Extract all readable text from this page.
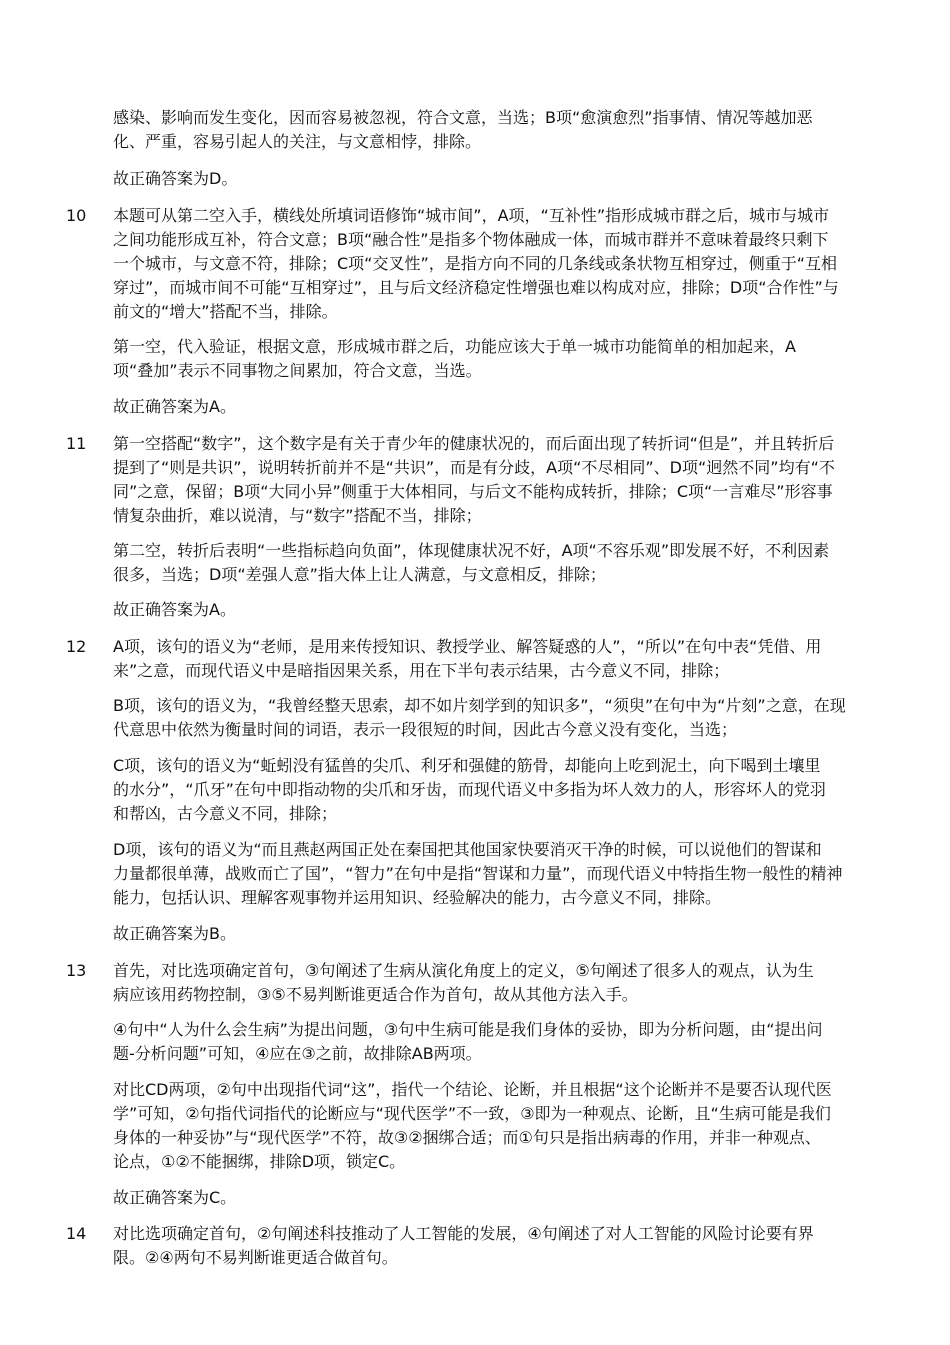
感染、影响而发生变化，因而容易被忽视，符合文意，当选；B项“愈演愈烈”指事情、情况等越加恶
化、严重，容易引起人的关注，与文意相悖，排除。

故正确答案为D。

10 本题可从第二空入手，横线处所填词语修饰“城市间”，A项，“互补性”指形成城市群之后，城市与城市
之间功能形成互补，符合文意；B项“融合性”是指多个物体融成一体，而城市群并不意味着最终只剩下
一个城市，与文意不符，排除；C项“交叉性”，是指方向不同的几条线或条状物互相穿过，侧重于“互相
穿过”，而城市间不可能“互相穿过”，且与后文经济稳定性增强也难以构成对应，排除；D项“合作性”与
前文的“增大”搭配不当，排除。

第一空，代入验证，根据文意，形成城市群之后，功能应该大于单一城市功能简单的相加起来，A
项“叠加”表示不同事物之间累加，符合文意，当选。

故正确答案为A。

11 第一空搭配“数字”，这个数字是有关于青少年的健康状况的，而后面出现了转折词“但是”，并且转折后
提到了“则是共识”，说明转折前并不是“共识”，而是有分歧，A项“不尽相同”、D项“迥然不同”均有“不
同”之意，保留；B项“大同小异”侧重于大体相同，与后文不能构成转折，排除；C项“一言难尽”形容事
情复杂曲折，难以说清，与“数字”搭配不当，排除；

第二空，转折后表明“一些指标趋向负面”，体现健康状况不好，A项“不容乐观”即发展不好，不利因素
很多，当选；D项“差强人意”指大体上让人满意，与文意相反，排除；

故正确答案为A。

12 A项，该句的语义为“老师，是用来传授知识、教授学业、解答疑惑的人”，“所以”在句中表“凭借、用
来”之意，而现代语义中是暗指因果关系，用在下半句表示结果，古今意义不同，排除；

B项，该句的语义为，“我曾经整天思索，却不如片刻学到的知识多”，“须臾”在句中为“片刻”之意，在现
代意思中依然为衡量时间的词语，表示一段很短的时间，因此古今意义没有变化，当选；

C项，该句的语义为“蚯蚓没有猛兽的尖爪、利牙和强健的筋骨，却能向上吃到泥土，向下喝到土壤里
的水分”，“爪牙”在句中即指动物的尖爪和牙齿，而现代语义中多指为坏人效力的人，形容坏人的党羽
和帮凶，古今意义不同，排除；

D项，该句的语义为“而且燕赵两国正处在秦国把其他国家快要消灭干净的时候，可以说他们的智谋和
力量都很单薄，战败而亡了国”，“智力”在句中是指“智谋和力量”，而现代语义中特指生物一般性的精神
能力，包括认识、理解客观事物并运用知识、经验解决的能力，古今意义不同，排除。

故正确答案为B。

13 首先，对比选项确定首句，③句阐述了生病从演化角度上的定义，⑤句阐述了很多人的观点，认为生
病应该用药物控制，③⑤不易判断谁更适合作为首句，故从其他方法入手。

④句中“人为什么会生病”为提出问题，③句中生病可能是我们身体的妥协，即为分析问题，由“提出问
题-分析问题”可知，④应在③之前，故排除AB两项。

对比CD两项，②句中出现指代词“这”，指代一个结论、论断，并且根据“这个论断并不是要否认现代医
学”可知，②句指代词指代的论断应与“现代医学”不一致，③即为一种观点、论断，且“生病可能是我们
身体的一种妥协”与“现代医学”不符，故③②捆绑合适；而①句只是指出病毒的作用，并非一种观点、
论点，①②不能捆绑，排除D项，锁定C。

故正确答案为C。

14 对比选项确定首句，②句阐述科技推动了人工智能的发展，④句阐述了对人工智能的风险讨论要有界
限。②④两句不易判断谁更适合做首句。
